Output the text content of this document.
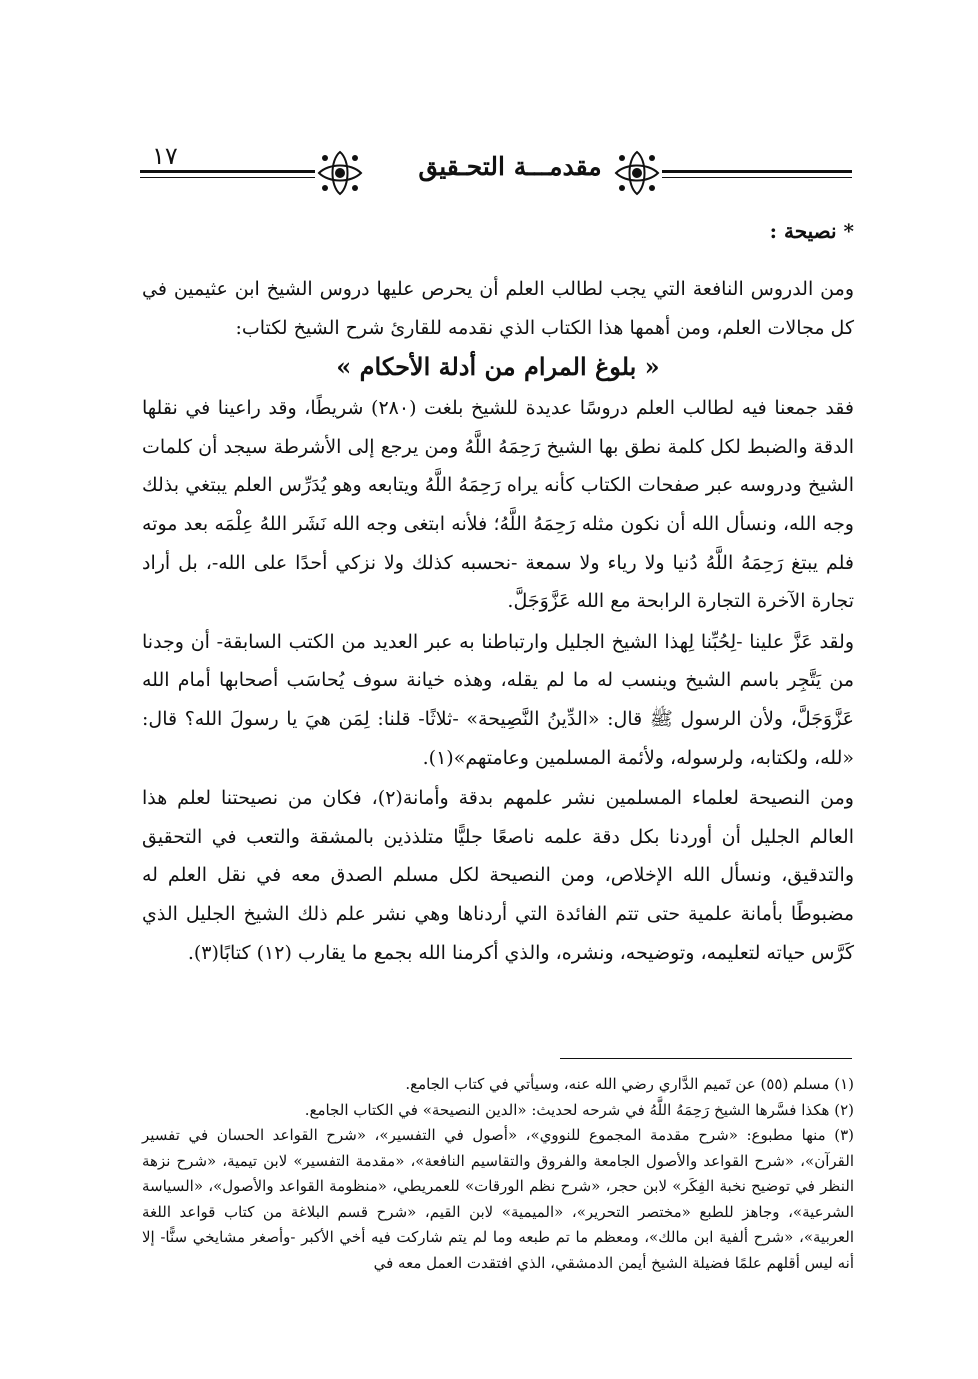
١٧	مقدمـــة التحـقيق
* نصيحة :

ومن الدروس النافعة التي يجب لطالب العلم أن يحرص عليها دروس الشيخ ابن عثيمين في كل مجالات العلم، ومن أهمها هذا الكتاب الذي نقدمه للقارئ شرح الشيخ لكتاب:

« بلوغ المرام من أدلة الأحكام »

فقد جمعنا فيه لطالب العلم دروسًا عديدة للشيخ بلغت (٢٨٠) شريطًا، وقد راعينا في نقلها الدقة والضبط لكل كلمة نطق بها الشيخ رَحِمَهُ اللَّهُ ومن يرجع إلى الأشرطة سيجد أن كلمات الشيخ ودروسه عبر صفحات الكتاب كأنه يراه رَحِمَهُ اللَّهُ ويتابعه وهو يُدَرِّس العلم يبتغي بذلك وجه الله، ونسأل الله أن نكون مثله رَحِمَهُ اللَّهُ؛ فلأنه ابتغى وجه الله نَشَر اللهُ عِلْمَه بعد موته فلم يبتغ رَحِمَهُ اللَّهُ دُنيا ولا رياء ولا سمعة -نحسبه كذلك ولا نزكي أحدًا على الله-، بل أراد تجارة الآخرة التجارة الرابحة مع الله عَزَّوَجَلَّ.

ولقد عَزَّ علينا -لِحُبِّنا لِهذا الشيخ الجليل وارتباطنا به عبر العديد من الكتب السابقة- أن وجدنا من يَتَّجِر باسم الشيخ وينسب له ما لم يقله، وهذه خيانة سوف يُحاسَب أصحابها أمام الله عَزَّوَجَلَّ، ولأن الرسول ﷺ قال: «الدِّينُ النَّصِيحة» -ثلاثًا- قلنا: لِمَن هيَ يا رسولَ الله؟ قال: «لله، ولكتابه، ولرسوله، ولأئمة المسلمين وعامتهم»(١).

ومن النصيحة لعلماء المسلمين نشر علمهم بدقة وأمانة(٢)، فكان من نصيحتنا لعلم هذا العالم الجليل أن أوردنا بكل دقة علمه ناصعًا جليًّا متلذذين بالمشقة والتعب في التحقيق والتدقيق، ونسأل الله الإخلاص، ومن النصيحة لكل مسلم الصدق معه في نقل العلم له مضبوطًا بأمانة علمية حتى تتم الفائدة التي أردناها وهي نشر علم ذلك الشيخ الجليل الذي كَرَّس حياته لتعليمه، وتوضيحه، ونشره، والذي أكرمنا الله بجمع ما يقارب (١٢) كتابًا(٣).

(١) مسلم (٥٥) عن تَميم الدَّاري رضي الله عنه، وسيأتي في كتاب الجامع.

(٢) هكذا فسَّرها الشيخ رَحِمَهُ اللَّهُ في شرحه لحديث: «الدين النصيحة» في الكتاب الجامع.

(٣) منها مطبوع: «شرح مقدمة المجموع للنووي»، «أصول في التفسير»، «شرح القواعد الحسان في تفسير القرآن»، «شرح القواعد والأصول الجامعة والفروق والتقاسيم النافعة»، «مقدمة التفسير» لابن تيمية، «شرح نزهة النظر في توضيح نخبة الفِكَر» لابن حجر، «شرح نظم الورقات» للعمريطي، «منظومة القواعد والأصول»، «السياسة الشرعية»، وجاهز للطبع «مختصر التحرير»، «الميمية» لابن القيم، «شرح قسم البلاغة من كتاب قواعد اللغة العربية»، «شرح ألفية ابن مالك»، ومعظم ما تم طبعه وما لم يتم شاركت فيه أخي الأكبر -وأصغر مشايخي سنًّا- إلا أنه ليس أقلهم علمًا فضيلة الشيخ أيمن الدمشقي، الذي افتقدت العمل معه في
